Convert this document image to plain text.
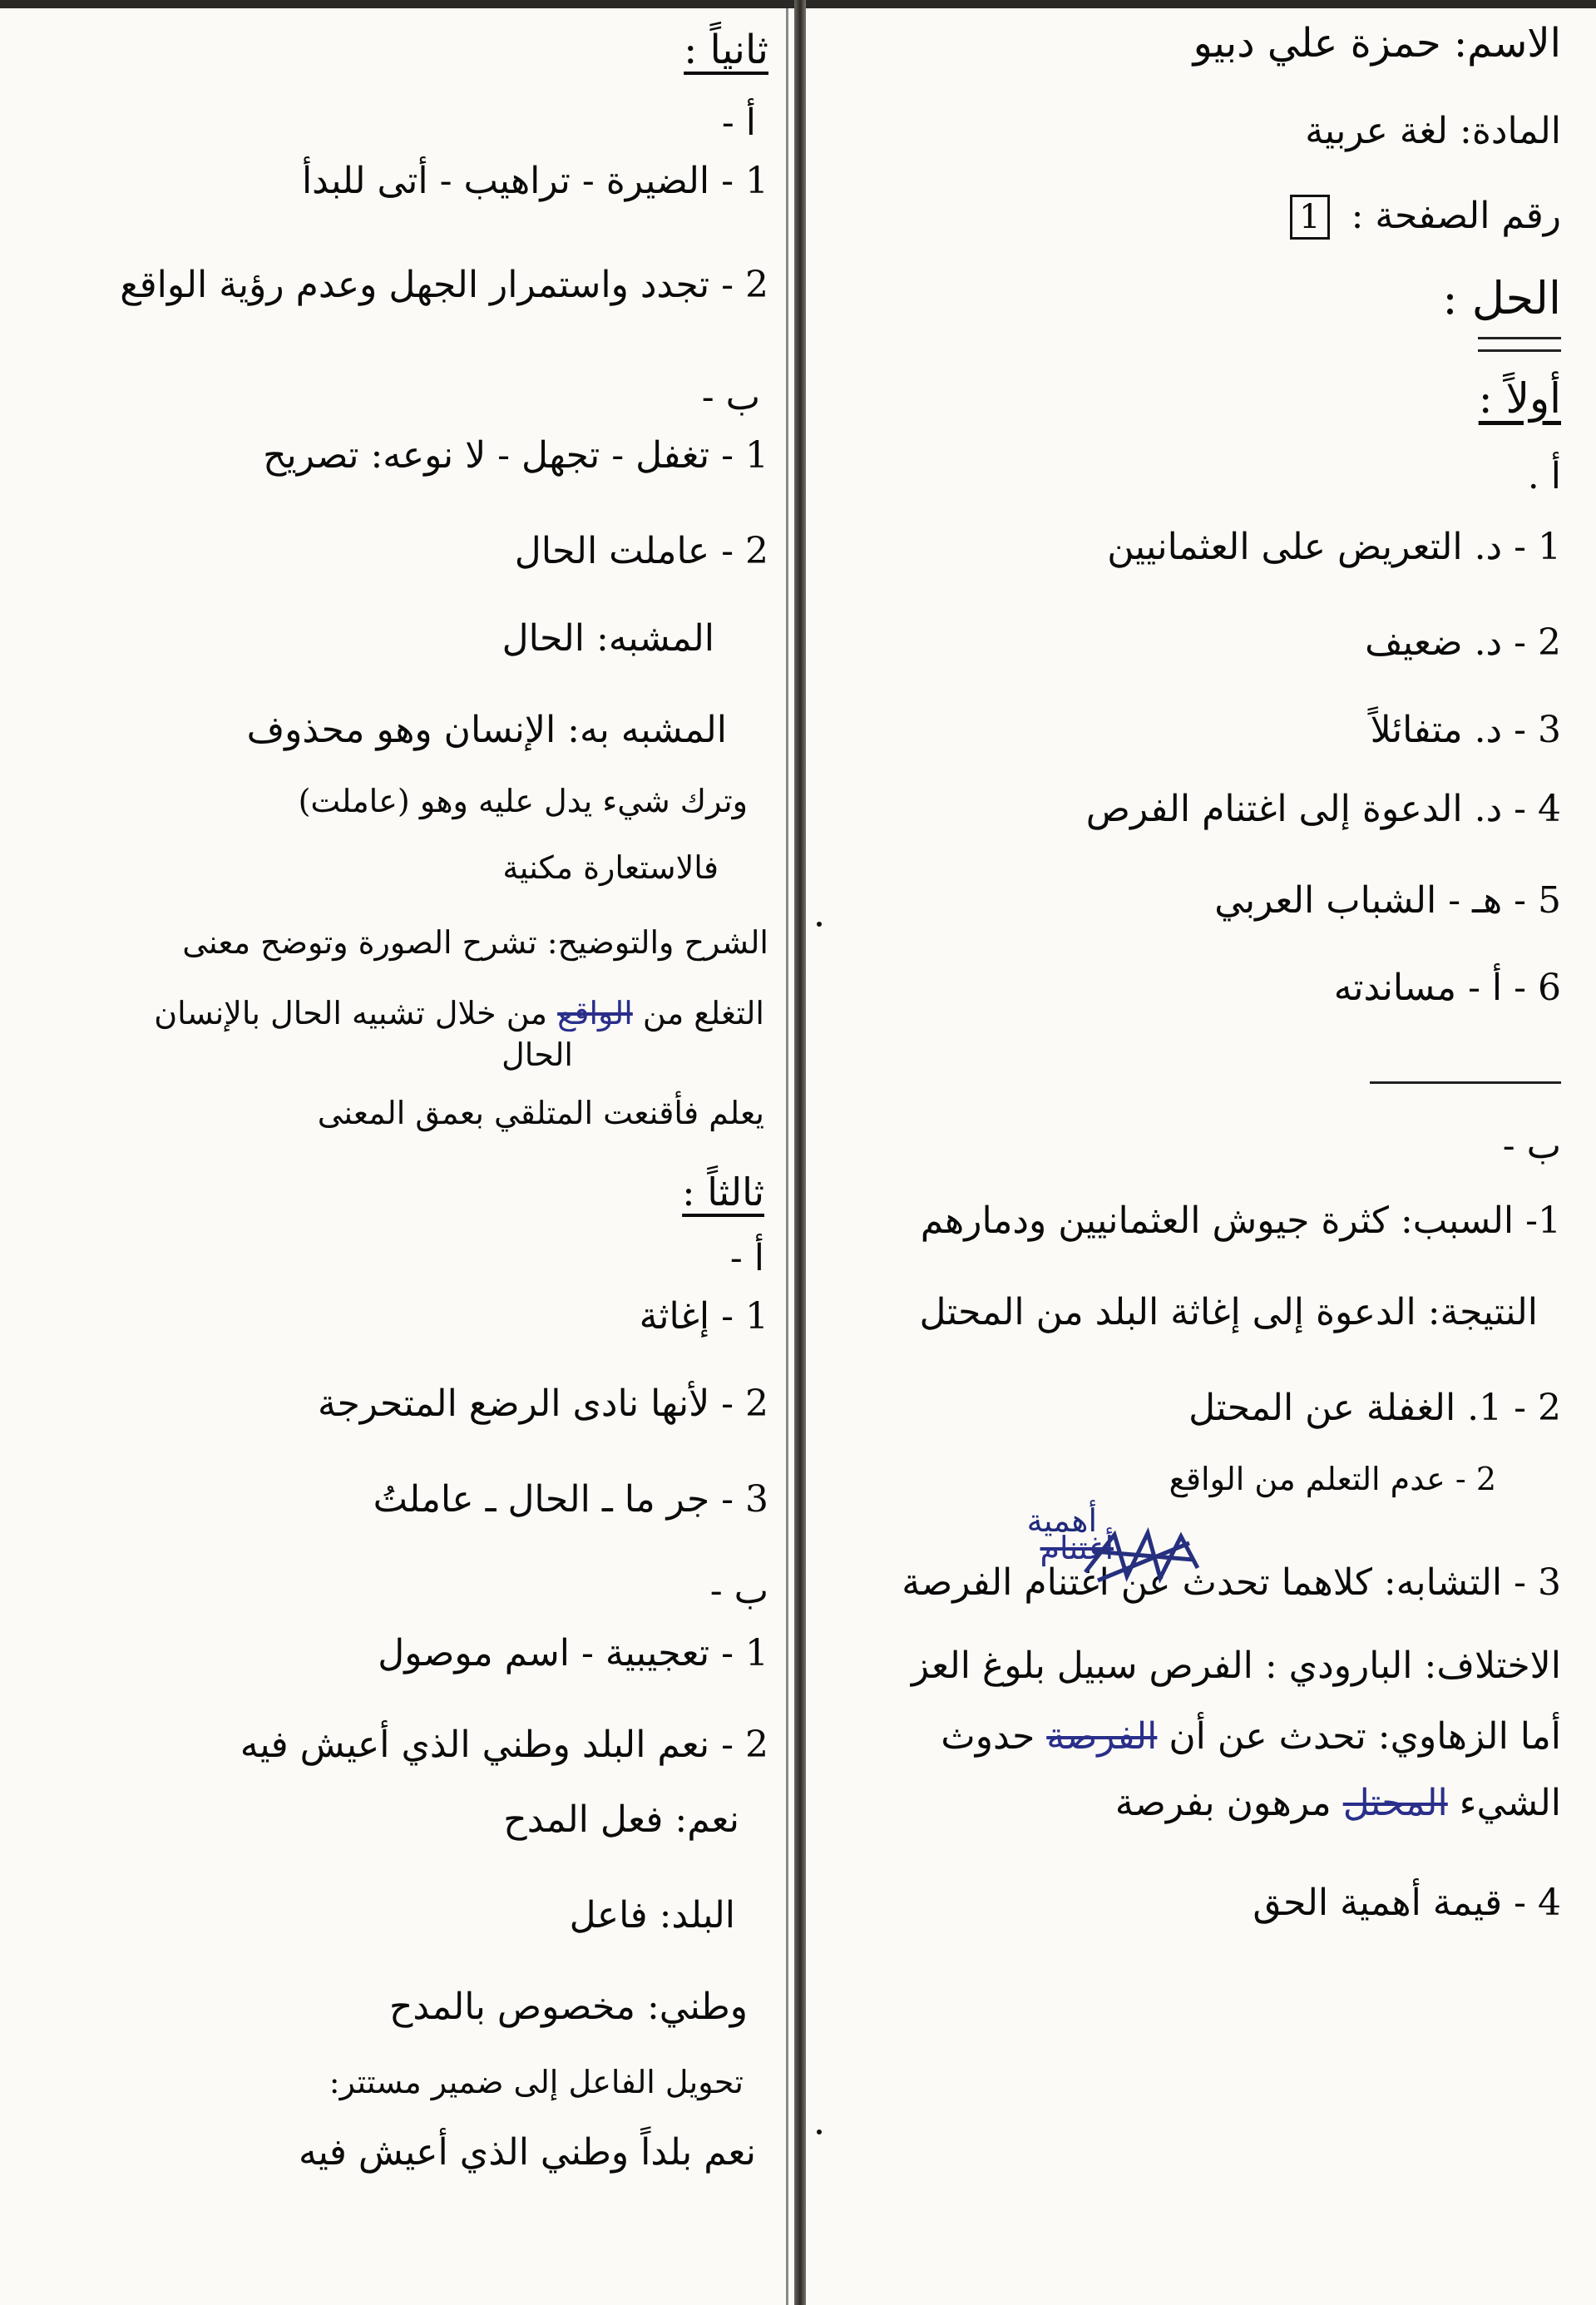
الاسم: حمزة علي دبيو
المادة: لغة عربية
رقم الصفحة : 1
الحل :
أولاً :
أ .
1 - د. التعريض على العثمانيين
2 - د. ضعيف
3 - د. متفائلاً
4 - د. الدعوة إلى اغتنام الفرص
5 - هـ - الشباب العربي
6 - أ - مساندته
ب -
1- السبب: كثرة جيوش العثمانيين ودمارهم
النتيجة: الدعوة إلى إغاثة البلد من المحتل
2 - 1. الغفلة عن المحتل
2 - عدم التعلم من الواقع
أهمية
3 - التشابه: كلاهما تحدث عن اغتنام الفرصة
أغتنام
الاختلاف: البارودي : الفرص سبيل بلوغ العز
أما الزهاوي: تحدث عن أن الفرصة حدوث
الشيء المحتل مرهون بفرصة
4 - قيمة أهمية الحق
ثانياً :
أ -
1 - الضيرة - تراهيب - أتى للبدأ
2 - تجدد واستمرار الجهل وعدم رؤية الواقع
ب -
1 - تغفل - تجهل - لا نوعه: تصريح
2 - عاملت الحال
المشبه: الحال
المشبه به: الإنسان وهو محذوف
وترك شيء يدل عليه وهو (عاملت)
فالاستعارة مكنية
الشرح والتوضيح: تشرح الصورة وتوضح معنى
التغلع من الواقع من خلال تشبيه الحال بالإنسان
الحال
يعلم فأقنعت المتلقي بعمق المعنى
ثالثاً :
أ -
1 - إغاثة
2 - لأنها نادى الرضع المتحرجة
3 - جر ما ـ الحال ـ عاملتُ
ب -
1 - تعجيبية - اسم موصول
2 - نعم البلد وطني الذي أعيش فيه
نعم: فعل المدح
البلد: فاعل
وطني: مخصوص بالمدح
تحويل الفاعل إلى ضمير مستتر:
نعم بلداً وطني الذي أعيش فيه
